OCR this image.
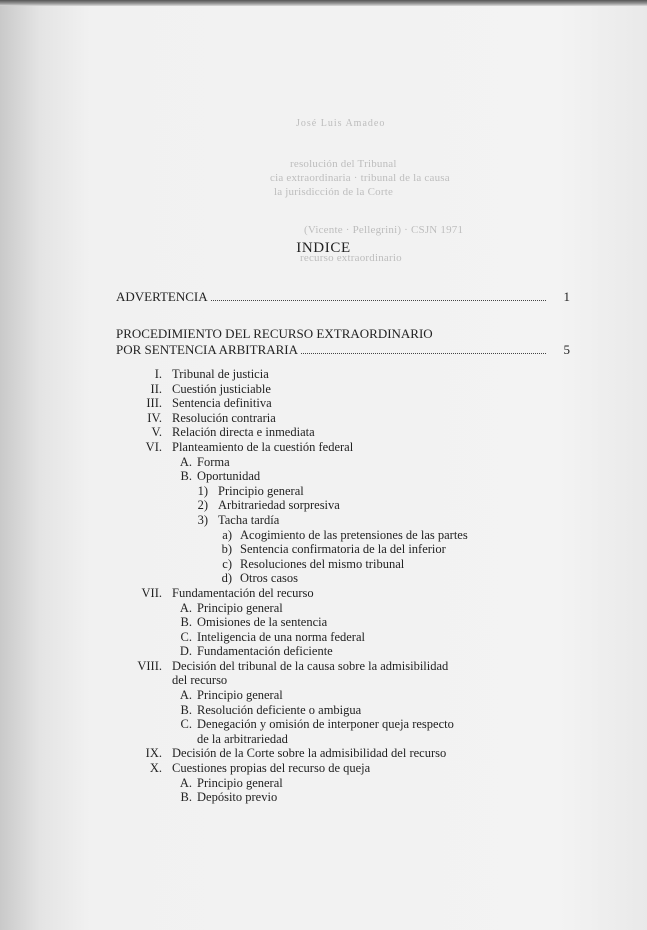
José Luis Amadeo
resolución del Tribunal
cia extraordinaria · tribunal de la causa
la jurisdicción de la Corte
recurso extraordinario
(Vicente · Pellegrini) · CSJN 1971
INDICE
ADVERTENCIA	1
PROCEDIMIENTO DEL RECURSO EXTRAORDINARIO
POR SENTENCIA ARBITRARIA	5
I. Tribunal de justicia
II. Cuestión justiciable
III. Sentencia definitiva
IV. Resolución contraria
V. Relación directa e inmediata
VI. Planteamiento de la cuestión federal
A. Forma
B. Oportunidad
1) Principio general
2) Arbitrariedad sorpresiva
3) Tacha tardía
a) Acogimiento de las pretensiones de las partes
b) Sentencia confirmatoria de la del inferior
c) Resoluciones del mismo tribunal
d) Otros casos
VII. Fundamentación del recurso
A. Principio general
B. Omisiones de la sentencia
C. Inteligencia de una norma federal
D. Fundamentación deficiente
VIII. Decisión del tribunal de la causa sobre la admisibilidad
del recurso
A. Principio general
B. Resolución deficiente o ambigua
C. Denegación y omisión de interponer queja respecto
de la arbitrariedad
IX. Decisión de la Corte sobre la admisibilidad del recurso
X. Cuestiones propias del recurso de queja
A. Principio general
B. Depósito previo
